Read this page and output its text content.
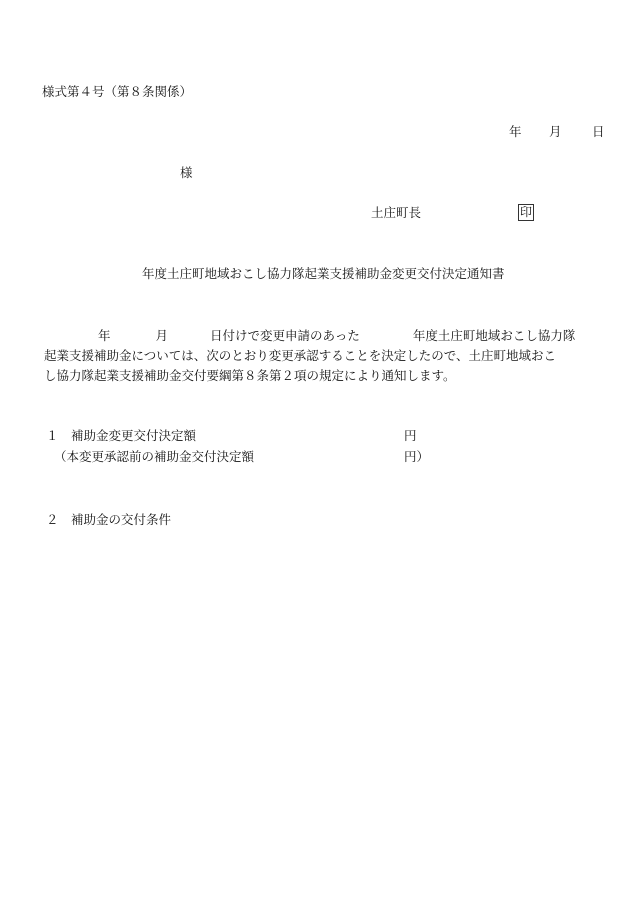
様式第４号（第８条関係）
年 月 日
様
土庄町長	印
年度土庄町地域おこし協力隊起業支援補助金変更交付決定通知書
年	月	日付けで変更申請のあった	年度土庄町地域おこし協力隊
起業支援補助金については、次のとおり変更承認することを決定したので、土庄町地域おこ
し協力隊起業支援補助金交付要綱第８条第２項の規定により通知します。
１　補助金変更交付決定額	円
（本変更承認前の補助金交付決定額	円）
２　補助金の交付条件
